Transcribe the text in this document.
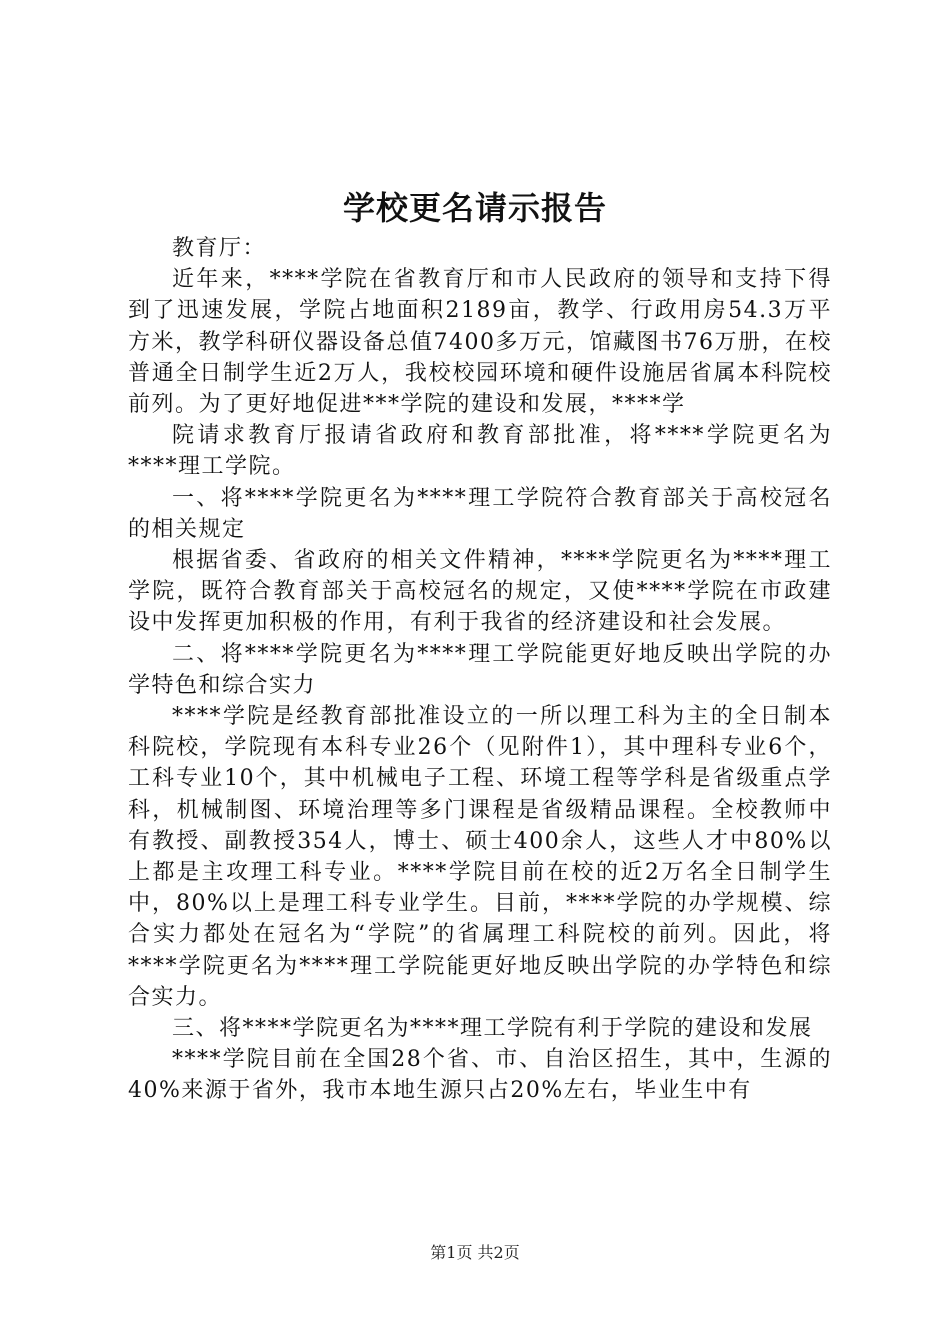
学校更名请示报告

教育厅：

近年来，****学院在省教育厅和市人民政府的领导和支持下得到了迅速发展，学院占地面积2189亩，教学、行政用房54.3万平方米，教学科研仪器设备总值7400多万元，馆藏图书76万册，在校普通全日制学生近2万人，我校校园环境和硬件设施居省属本科院校前列。为了更好地促进***学院的建设和发展，****学

院请求教育厅报请省政府和教育部批准，将****学院更名为****理工学院。

一、将****学院更名为****理工学院符合教育部关于高校冠名的相关规定

根据省委、省政府的相关文件精神，****学院更名为****理工学院，既符合教育部关于高校冠名的规定，又使****学院在市政建设中发挥更加积极的作用，有利于我省的经济建设和社会发展。

二、将****学院更名为****理工学院能更好地反映出学院的办学特色和综合实力

****学院是经教育部批准设立的一所以理工科为主的全日制本科院校，学院现有本科专业26个（见附件1），其中理科专业6个，工科专业10个，其中机械电子工程、环境工程等学科是省级重点学科，机械制图、环境治理等多门课程是省级精品课程。全校教师中有教授、副教授354人，博士、硕士400余人，这些人才中80%以上都是主攻理工科专业。****学院目前在校的近2万名全日制学生中，80%以上是理工科专业学生。目前，****学院的办学规模、综合实力都处在冠名为“学院”的省属理工科院校的前列。因此，将****学院更名为****理工学院能更好地反映出学院的办学特色和综合实力。

三、将****学院更名为****理工学院有利于学院的建设和发展

****学院目前在全国28个省、市、自治区招生，其中，生源的40%来源于省外，我市本地生源只占20%左右，毕业生中有

第1页 共2页
